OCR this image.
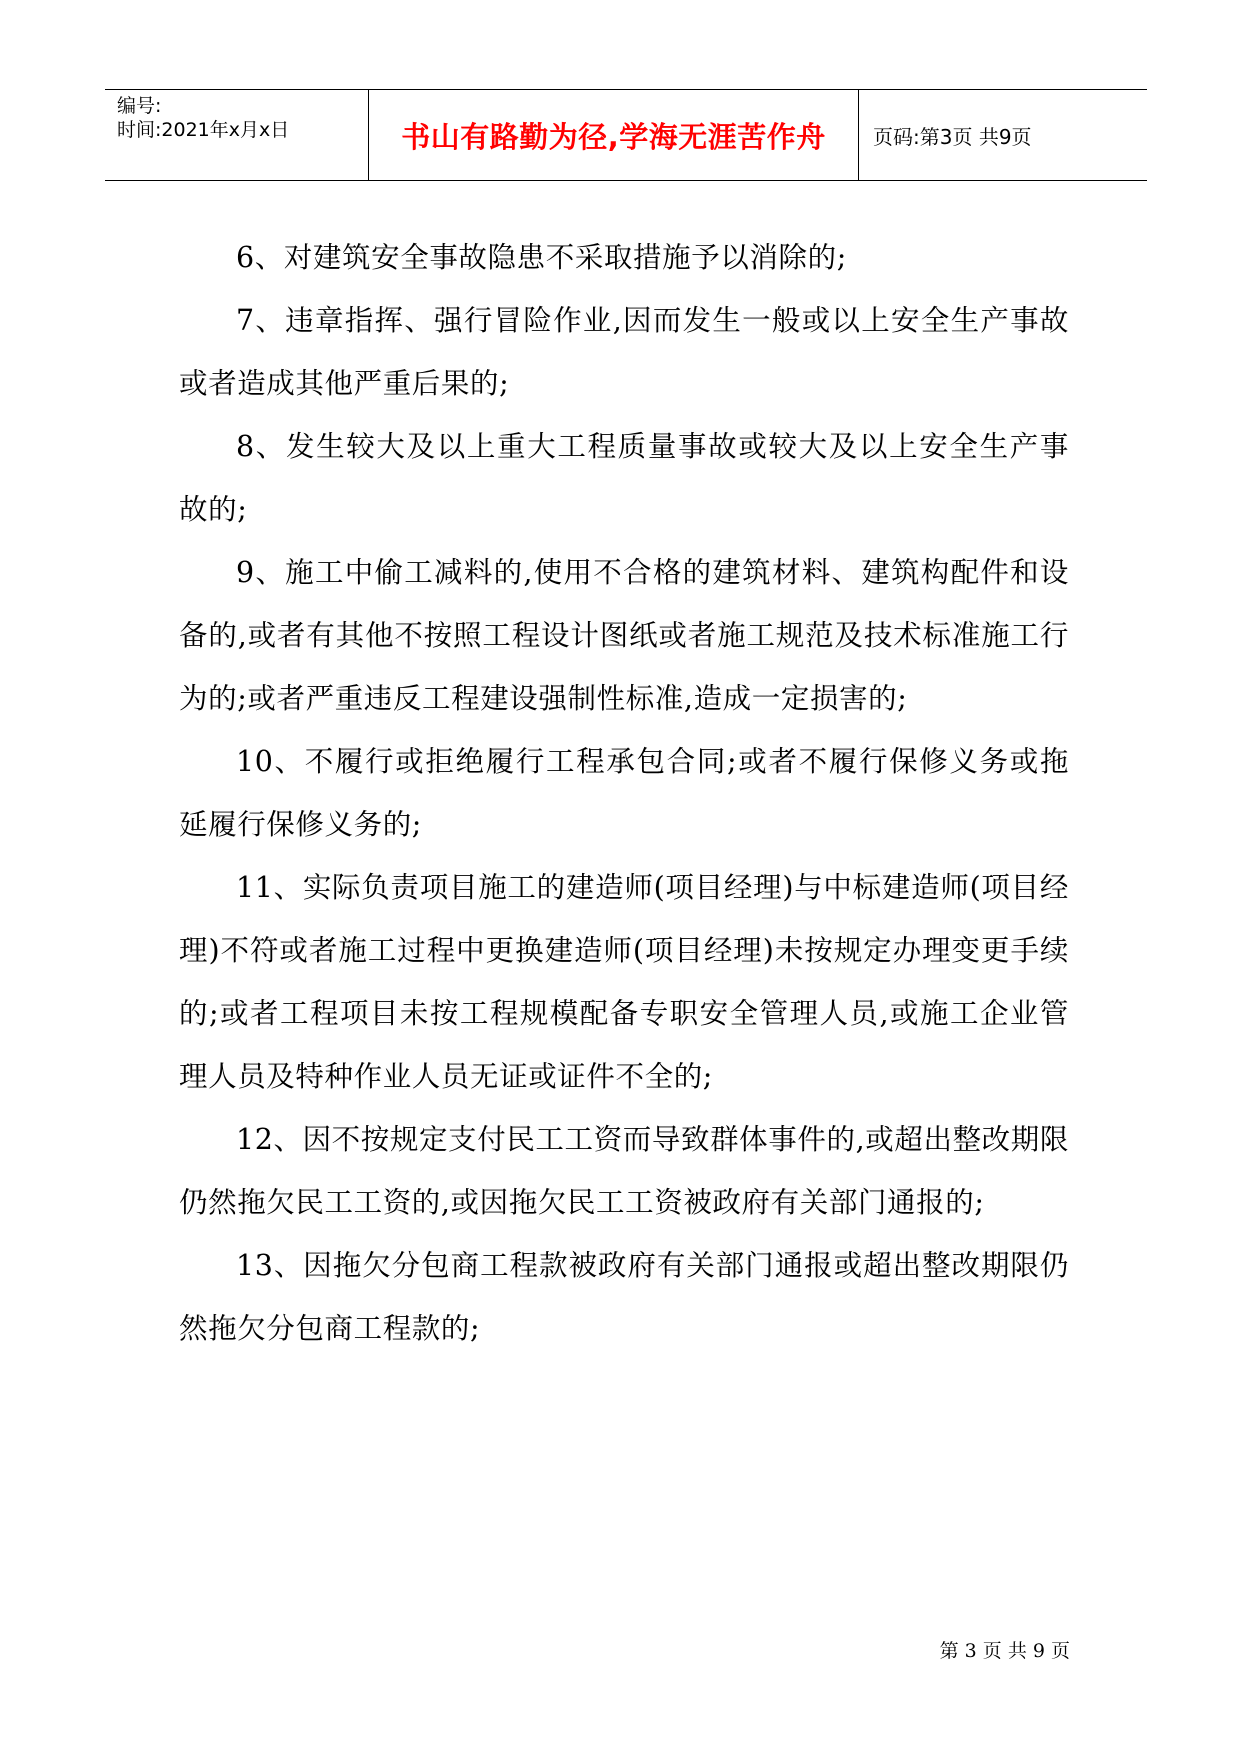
编号:
时间:2021年x月x日	书山有路勤为径,学海无涯苦作舟 页码:第3页 共9页

6、对建筑安全事故隐患不采取措施予以消除的;

7、违章指挥、强行冒险作业,因而发生一般或以上安全生产事故或者造成其他严重后果的;

8、发生较大及以上重大工程质量事故或较大及以上安全生产事故的;

9、施工中偷工减料的,使用不合格的建筑材料、建筑构配件和设备的,或者有其他不按照工程设计图纸或者施工规范及技术标准施工行为的;或者严重违反工程建设强制性标准,造成一定损害的;

10、不履行或拒绝履行工程承包合同;或者不履行保修义务或拖延履行保修义务的;

11、实际负责项目施工的建造师(项目经理)与中标建造师(项目经理)不符或者施工过程中更换建造师(项目经理)未按规定办理变更手续的;或者工程项目未按工程规模配备专职安全管理人员,或施工企业管理人员及特种作业人员无证或证件不全的;

12、因不按规定支付民工工资而导致群体事件的,或超出整改期限仍然拖欠民工工资的,或因拖欠民工工资被政府有关部门通报的;

13、因拖欠分包商工程款被政府有关部门通报或超出整改期限仍然拖欠分包商工程款的;

第 3 页 共 9 页
